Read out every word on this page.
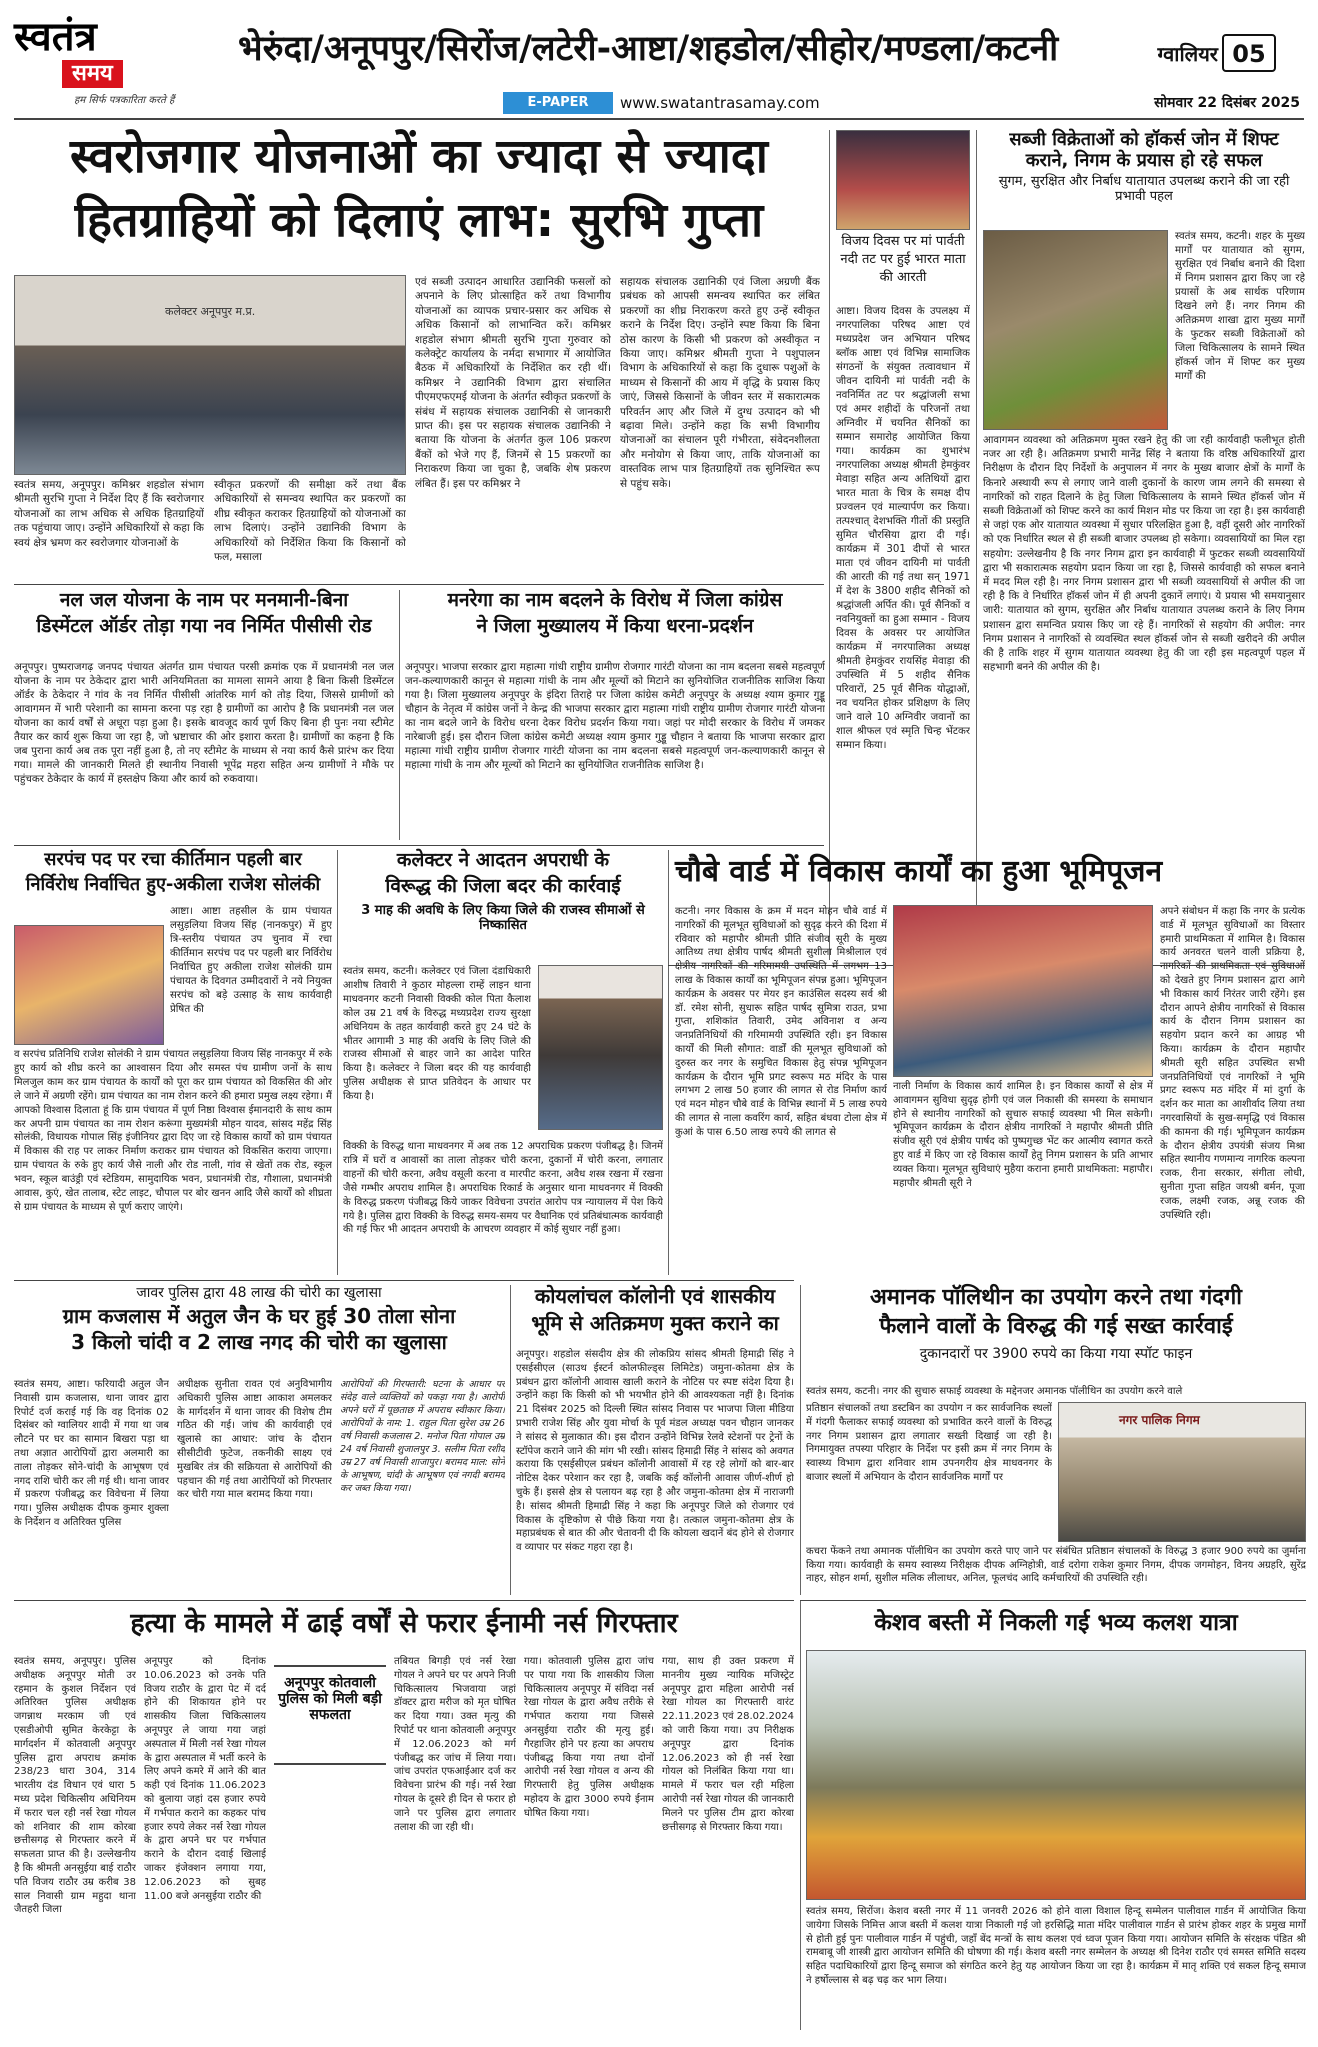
स्वतंत्र
समय
हम सिर्फ पत्रकारिता करते हैं
भेरुंदा/अनूपपुर/सिरोंज/लटेरी-आष्टा/शहडोल/सीहोर/मण्डला/कटनी	ग्वालियर 05
E-PAPER	www.swatantrasamay.com	सोमवार 22 दिसंबर 2025
स्वरोजगार योजनाओं का ज्यादा से ज्यादा
हितग्राहियों को दिलाएं लाभ: सुरभि गुप्ता
कलेक्टर अनूपपुर म.प्र.
स्वतंत्र समय, अनूपपुर। कमिश्नर शहडोल संभाग श्रीमती सुरभि गुप्ता ने निर्देश दिए हैं कि स्वरोजगार योजनाओं का लाभ अधिक से अधिक हितग्राहियों तक पहुंचाया जाए। उन्होंने अधिकारियों से कहा कि स्वयं क्षेत्र भ्रमण कर स्वरोजगार योजनाओं के
स्वीकृत प्रकरणों की समीक्षा करें तथा बैंक अधिकारियों से समन्वय स्थापित कर प्रकरणों का शीघ्र स्वीकृत कराकर हितग्राहियों को योजनाओं का लाभ दिलाएं। उन्होंने उद्यानिकी विभाग के अधिकारियों को निर्देशित किया कि किसानों को फल, मसाला
एवं सब्जी उत्पादन आधारित उद्यानिकी फसलों को अपनाने के लिए प्रोत्साहित करें तथा विभागीय योजनाओं का व्यापक प्रचार-प्रसार कर अधिक से अधिक किसानों को लाभान्वित करें। कमिश्नर शहडोल संभाग श्रीमती सुरभि गुप्ता गुरुवार को कलेक्ट्रेट कार्यालय के नर्मदा सभागार में आयोजित बैठक में अधिकारियों के निर्देशित कर रही थीं। कमिश्नर ने उद्यानिकी विभाग द्वारा संचालित पीएमएफएमई योजना के अंतर्गत स्वीकृत प्रकरणों के संबंध में सहायक संचालक उद्यानिकी से जानकारी प्राप्त की। इस पर सहायक संचालक उद्यानिकी ने बताया कि योजना के अंतर्गत कुल 106 प्रकरण बैंकों को भेजे गए हैं, जिनमें से 15 प्रकरणों का निराकरण किया जा चुका है, जबकि शेष प्रकरण लंबित हैं। इस पर कमिश्नर ने
सहायक संचालक उद्यानिकी एवं जिला अग्रणी बैंक प्रबंधक को आपसी समन्वय स्थापित कर लंबित प्रकरणों का शीघ्र निराकरण करते हुए उन्हें स्वीकृत कराने के निर्देश दिए। उन्होंने स्पष्ट किया कि बिना ठोस कारण के किसी भी प्रकरण को अस्वीकृत न किया जाए। कमिश्नर श्रीमती गुप्ता ने पशुपालन विभाग के अधिकारियों से कहा कि दुधारू पशुओं के माध्यम से किसानों की आय में वृद्धि के प्रयास किए जाएं, जिससे किसानों के जीवन स्तर में सकारात्मक परिवर्तन आए और जिले में दुग्ध उत्पादन को भी बढ़ावा मिले। उन्होंने कहा कि सभी विभागीय योजनाओं का संचालन पूरी गंभीरता, संवेदनशीलता और मनोयोग से किया जाए, ताकि योजनाओं का वास्तविक लाभ पात्र हितग्राहियों तक सुनिश्चित रूप से पहुंच सके।
विजय दिवस पर मां पार्वती नदी तट पर हुई भारत माता की आरती
आष्टा। विजय दिवस के उपलक्ष्य में नगरपालिका परिषद आष्टा एवं मध्यप्रदेश जन अभियान परिषद ब्लॉक आष्टा एवं विभिन्न सामाजिक संगठनों के संयुक्त तत्वावधान में जीवन दायिनी मां पार्वती नदी के नवनिर्मित तट पर श्रद्धांजली सभा एवं अमर शहीदों के परिजनों तथा अग्निवीर में चयनित सैनिकों का सम्मान समारोह आयोजित किया गया। कार्यक्रम का शुभारंभ नगरपालिका अध्यक्ष श्रीमती हेमकुंवर मेवाड़ा सहित अन्य अतिथियों द्वारा भारत माता के चित्र के समक्ष दीप प्रज्वलन एवं माल्यार्पण कर किया। तत्पश्चात् देशभक्ति गीतों की प्रस्तुति सुमित चौरसिया द्वारा दी गई। कार्यक्रम में 301 दीपों से भारत माता एवं जीवन दायिनी मां पार्वती की आरती की गई तथा सन् 1971 में देश के 3800 शहीद सैनिकों को श्रद्धांजली अर्पित की। पूर्व सैनिकों व नवनियुक्तों का हुआ सम्मान - विजय दिवस के अवसर पर आयोजित कार्यक्रम में नगरपालिका अध्यक्ष श्रीमती हेमकुंवर रायसिंह मेवाड़ा की उपस्थिति में 5 शहीद सैनिक परिवारों, 25 पूर्व सैनिक योद्धाओं, नव चयनित होकर प्रशिक्षण के लिए जाने वाले 10 अग्निवीर जवानों का शाल श्रीफल एवं स्मृति चिन्ह भेंटकर सम्मान किया।
सब्जी विक्रेताओं को हॉकर्स जोन में शिफ्ट
कराने, निगम के प्रयास हो रहे सफल
सुगम, सुरक्षित और निर्बाध यातायात उपलब्ध कराने की जा रही प्रभावी पहल
स्वतंत्र समय, कटनी। शहर के मुख्य मार्गों पर यातायात को सुगम, सुरक्षित एवं निर्बाध बनाने की दिशा में निगम प्रशासन द्वारा किए जा रहे प्रयासों के अब सार्थक परिणाम दिखने लगे हैं। नगर निगम की अतिक्रमण शाखा द्वारा मुख्य मार्गों के फुटकर सब्जी विक्रेताओं को जिला चिकित्सालय के सामने स्थित हॉकर्स जोन में शिफ्ट कर मुख्य मार्गों की
आवागमन व्यवस्था को अतिक्रमण मुक्त रखने हेतु की जा रही कार्यवाही फलीभूत होती नजर आ रही है। अतिक्रमण प्रभारी मानेंद्र सिंह ने बताया कि वरिष्ठ अधिकारियों द्वारा निरीक्षण के दौरान दिए निर्देशों के अनुपालन में नगर के मुख्य बाजार क्षेत्रों के मार्गों के किनारे अस्थायी रूप से लगाए जाने वाली दुकानों के कारण जाम लगने की समस्या से नागरिकों को राहत दिलाने के हेतु जिला चिकित्सालय के सामने स्थित हॉकर्स जोन में सब्जी विक्रेताओं को शिफ्ट करने का कार्य मिशन मोड पर किया जा रहा है। इस कार्यवाही से जहां एक ओर यातायात व्यवस्था में सुधार परिलक्षित हुआ है, वहीं दूसरी ओर नागरिकों को एक निर्धारित स्थल से ही सब्जी बाजार उपलब्ध हो सकेगा। व्यवसायियों का मिल रहा सहयोग: उल्लेखनीय है कि नगर निगम द्वारा इन कार्यवाही में फुटकर सब्जी व्यवसायियों द्वारा भी सकारात्मक सहयोग प्रदान किया जा रहा है, जिससे कार्यवाही को सफल बनाने में मदद मिल रही है। नगर निगम प्रशासन द्वारा भी सब्जी व्यवसायियों से अपील की जा रही है कि वे निर्धारित हॉकर्स जोन में ही अपनी दुकानें लगाएं। ये प्रयास भी समयानुसार जारी: यातायात को सुगम, सुरक्षित और निर्बाध यातायात उपलब्ध कराने के लिए निगम प्रशासन द्वारा समन्वित प्रयास किए जा रहे हैं। नागरिकों से सहयोग की अपील: नगर निगम प्रशासन ने नागरिकों से व्यवस्थित स्थल हॉकर्स जोन से सब्जी खरीदने की अपील की है ताकि शहर में सुगम यातायात व्यवस्था हेतु की जा रही इस महत्वपूर्ण पहल में सहभागी बनने की अपील की है।
नल जल योजना के नाम पर मनमानी-बिना
डिस्मेंटल ऑर्डर तोड़ा गया नव निर्मित पीसीसी रोड
अनूपपुर। पुष्पराजगढ़ जनपद पंचायत अंतर्गत ग्राम पंचायत परसी क्रमांक एक में प्रधानमंत्री नल जल योजना के नाम पर ठेकेदार द्वारा भारी अनियमितता का मामला सामने आया है बिना किसी डिस्मेंटल ऑर्डर के ठेकेदार ने गांव के नव निर्मित पीसीसी आंतरिक मार्ग को तोड़ दिया, जिससे ग्रामीणों को आवागमन में भारी परेशानी का सामना करना पड़ रहा है ग्रामीणों का आरोप है कि प्रधानमंत्री नल जल योजना का कार्य वर्षों से अधूरा पड़ा हुआ है। इसके बावजूद कार्य पूर्ण किए बिना ही पुनः नया स्टीमेट तैयार कर कार्य शुरू किया जा रहा है, जो भ्रष्टाचार की ओर इशारा करता है। ग्रामीणों का कहना है कि जब पुराना कार्य अब तक पूरा नहीं हुआ है, तो नए स्टीमेट के माध्यम से नया कार्य कैसे प्रारंभ कर दिया गया। मामले की जानकारी मिलते ही स्थानीय निवासी भूपेंद्र महरा सहित अन्य ग्रामीणों ने मौके पर पहुंचकर ठेकेदार के कार्य में हस्तक्षेप किया और कार्य को रुकवाया।
मनरेगा का नाम बदलने के विरोध में जिला कांग्रेस
ने जिला मुख्यालय में किया धरना-प्रदर्शन
अनूपपुर। भाजपा सरकार द्वारा महात्मा गांधी राष्ट्रीय ग्रामीण रोजगार गारंटी योजना का नाम बदलना सबसे महत्वपूर्ण जन-कल्याणकारी कानून से महात्मा गांधी के नाम और मूल्यों को मिटाने का सुनियोजित राजनीतिक साजिश किया गया है। जिला मुख्यालय अनूपपुर के इंदिरा तिराहे पर जिला कांग्रेस कमेटी अनूपपुर के अध्यक्ष श्याम कुमार गुड्डू चौहान के नेतृत्व में कांग्रेस जनों ने केन्द्र की भाजपा सरकार द्वारा महात्मा गांधी राष्ट्रीय ग्रामीण रोजगार गारंटी योजना का नाम बदले जाने के विरोध धरना देकर विरोध प्रदर्शन किया गया। जहां पर मोदी सरकार के विरोध में जमकर नारेबाजी हुई। इस दौरान जिला कांग्रेस कमेटी अध्यक्ष श्याम कुमार गुड्डू चौहान ने बताया कि भाजपा सरकार द्वारा महात्मा गांधी राष्ट्रीय ग्रामीण रोजगार गारंटी योजना का नाम बदलना सबसे महत्वपूर्ण जन-कल्याणकारी कानून से महात्मा गांधी के नाम और मूल्यों को मिटाने का सुनियोजित राजनीतिक साजिश है।
सरपंच पद पर रचा कीर्तिमान पहली बार
निर्विरोध निर्वाचित हुए-अकीला राजेश सोलंकी
आष्टा। आष्टा तहसील के ग्राम पंचायत लसुड़लिया विजय सिंह (नानकपुर) में हुए त्रि-स्तरीय पंचायत उप चुनाव में रचा कीर्तिमान सरपंच पद पर पहली बार निर्विरोध निर्वाचित हुए अकीला राजेश सोलंकी ग्राम पंचायत के दिवगत उम्मीदवारों ने नये नियुक्त सरपंच को बड़े उत्साह के साथ कार्यवाही प्रेषित की
व सरपंच प्रतिनिधि राजेश सोलंकी ने ग्राम पंचायत लसुड़लिया विजय सिंह नानकपुर में रुके हुए कार्य को शीघ्र करने का आश्वासन दिया और समस्त पंच ग्रामीण जनों के साथ मिलजुल काम कर ग्राम पंचायत के कार्यों को पूरा कर ग्राम पंचायत को विकसित की ओर ले जाने में अग्रणी रहेंगे। ग्राम पंचायत का नाम रोशन करने की हमारा प्रमुख लक्ष्य रहेगा। मैं आपको विश्वास दिलाता हूं कि ग्राम पंचायत में पूर्ण निष्ठा विश्वास ईमानदारी के साथ काम कर अपनी ग्राम पंचायत का नाम रोशन करूंगा मुख्यमंत्री मोहन यादव, सांसद महेंद्र सिंह सोलंकी, विधायक गोपाल सिंह इंजीनियर द्वारा दिए जा रहे विकास कार्यों को ग्राम पंचायत में विकास की राह पर लाकर निर्माण कराकर ग्राम पंचायत को विकसित कराया जाएगा। ग्राम पंचायत के रुके हुए कार्य जैसे नाली और रोड नाली, गांव से खेतों तक रोड, स्कूल भवन, स्कूल बाउंड्री एवं स्टेडियम, सामुदायिक भवन, प्रधानमंत्री रोड, गौशाला, प्रधानमंत्री आवास, कुएं, खेत तालाब, स्टेट लाइट, चौपाल पर बोर खनन आदि जैसे कार्यों को शीघ्रता से ग्राम पंचायत के माध्यम से पूर्ण कराए जाएंगे।
कलेक्टर ने आदतन अपराधी के
विरूद्ध की जिला बदर की कार्रवाई
3 माह की अवधि के लिए किया जिले की राजस्व सीमाओं से निष्कासित
स्वतंत्र समय, कटनी। कलेक्टर एवं जिला दंडाधिकारी आशीष तिवारी ने कुठार मोहल्ला राम्हें लाइन थाना माधवनगर कटनी निवासी विक्की कोल पिता कैलाश कोल उम्र 21 वर्ष के विरुद्ध मध्यप्रदेश राज्य सुरक्षा अधिनियम के तहत कार्यवाही करते हुए 24 घंटे के भीतर आगामी 3 माह की अवधि के लिए जिले की राजस्व सीमाओं से बाहर जाने का आदेश पारित किया है। कलेक्टर ने जिला बदर की यह कार्यवाही पुलिस अधीक्षक से प्राप्त प्रतिवेदन के आधार पर किया है।
विक्की के विरुद्ध थाना माधवनगर में अब तक 12 अपराधिक प्रकरण पंजीबद्ध है। जिनमें रात्रि में घरों व आवासों का ताला तोड़कर चोरी करना, दुकानों में चोरी करना, लगातार वाहनों की चोरी करना, अवैध वसूली करना व मारपीट करना, अवैध शस्त्र रखना में रखना जैसे गम्भीर अपराध शामिल है। अपराधिक रिकार्ड के अनुसार थाना माधवनगर में विक्की के विरुद्ध प्रकरण पंजीबद्ध किये जाकर विवेचना उपरांत आरोप पत्र न्यायालय में पेश किये गये है। पुलिस द्वारा विक्की के विरुद्ध समय-समय पर वैधानिक एवं प्रतिबंधात्मक कार्यवाही की गई फिर भी आदतन अपराधी के आचरण व्यवहार में कोई सुधार नहीं हुआ।
चौबे वार्ड में विकास कार्यों का हुआ भूमिपूजन
कटनी। नगर विकास के क्रम में मदन मोहन चौबे वार्ड में नागरिकों की मूलभूत सुविधाओं को सुदृढ़ करने की दिशा में रविवार को महापौर श्रीमती प्रीति संजीव सूरी के मुख्य आतिथ्य तथा क्षेत्रीय पार्षद श्रीमती सुशीला मिश्रीलाल एवं क्षेत्रीय नागरिकों की गरिमामयी उपस्थिति में लगभग 13 लाख के विकास कार्यों का भूमिपूजन संपन्न हुआ। भूमिपूजन कार्यक्रम के अवसर पर मेयर इन काउंसिल सदस्य सर्व श्री डॉ. रमेश सोनी, सुधारू सहित पार्षद सुमित्रा राउत, प्रभा गुप्ता, शशिकांत तिवारी, उमेद अविनाश व अन्य जनप्रतिनिधियों की गरिमामयी उपस्थिति रही। इन विकास कार्यों की मिली सौगात: वार्डों की मूलभूत सुविधाओं को दुरुस्त कर नगर के समुचित विकास हेतु संपन्न भूमिपूजन कार्यक्रम के दौरान भूमि प्रगट स्वरूप मठ मंदिर के पास लगभग 2 लाख 50 हजार की लागत से रोड निर्माण कार्य एवं मदन मोहन चौबे वार्ड के विभिन्न स्थानों में 5 लाख रुपये की लागत से नाला कवरिंग कार्य, सहित बंधवा टोला क्षेत्र में कुआं के पास 6.50 लाख रुपये की लागत से
नाली निर्माण के विकास कार्य शामिल है। इन विकास कार्यों से क्षेत्र में आवागमन सुविधा सुदृढ़ होगी एवं जल निकासी की समस्या के समाधान होने से स्थानीय नागरिकों को सुचारु सफाई व्यवस्था भी मिल सकेगी। भूमिपूजन कार्यक्रम के दौरान क्षेत्रीय नागरिकों ने महापौर श्रीमती प्रीति संजीव सूरी एवं क्षेत्रीय पार्षद को पुष्पगुच्छ भेंट कर आत्मीय स्वागत करते हुए वार्ड में किए जा रहे विकास कार्यों हेतु निगम प्रशासन के प्रति आभार व्यक्त किया। मूलभूत सुविधाएं मुहैया कराना हमारी प्राथमिकता: महापौर। महापौर श्रीमती सूरी ने
अपने संबोधन में कहा कि नगर के प्रत्येक वार्ड में मूलभूत सुविधाओं का विस्तार हमारी प्राथमिकता में शामिल है। विकास कार्य अनवरत चलने वाली प्रक्रिया है, नागरिकों की प्राथमिकता एवं सुविधाओं को देखते हुए निगम प्रशासन द्वारा आगे भी विकास कार्य निरंतर जारी रहेंगे। इस दौरान आपने क्षेत्रीय नागरिकों से विकास कार्य के दौरान निगम प्रशासन का सहयोग प्रदान करने का आग्रह भी किया। कार्यक्रम के दौरान महापौर श्रीमती सूरी सहित उपस्थित सभी जनप्रतिनिधियों एवं नागरिकों ने भूमि प्रगट स्वरूप मठ मंदिर में मां दुर्गा के दर्शन कर माता का आशीर्वाद लिया तथा नगरवासियों के सुख-समृद्धि एवं विकास की कामना की गई। भूमिपूजन कार्यक्रम के दौरान क्षेत्रीय उपयंत्री संजय मिश्रा सहित स्थानीय गणमान्य नागरिक कल्पना रजक, रीना सरकार, संगीता लोधी, सुनीता गुप्ता सहित जयश्री बर्मन, पूजा रजक, लक्ष्मी रजक, अन्नू रजक की उपस्थिति रही।
जावर पुलिस द्वारा 48 लाख की चोरी का खुलासा
ग्राम कजलास में अतुल जैन के घर हुई 30 तोला सोना
3 किलो चांदी व 2 लाख नगद की चोरी का खुलासा
स्वतंत्र समय, आष्टा। फरियादी अतुल जैन निवासी ग्राम कजलास, थाना जावर द्वारा रिपोर्ट दर्ज कराई गई कि वह दिनांक 02 दिसंबर को ग्वालियर शादी में गया था जब लौटने पर घर का सामान बिखरा पड़ा था तथा अज्ञात आरोपियों द्वारा अलमारी का ताला तोड़कर सोने-चांदी के आभूषण एवं नगद राशि चोरी कर ली गई थी। थाना जावर में प्रकरण पंजीबद्ध कर विवेचना में लिया गया। पुलिस अधीक्षक दीपक कुमार शुक्ला के निर्देशन व अतिरिक्त पुलिस
अधीक्षक सुनीता रावत एवं अनुविभागीय अधिकारी पुलिस आष्टा आकाश अमलकर के मार्गदर्शन में थाना जावर की विशेष टीम गठित की गई। जांच की कार्यवाही एवं खुलासे का आधार: जांच के दौरान सीसीटीवी फुटेज, तकनीकी साक्ष्य एवं मुखबिर तंत्र की सक्रियता से आरोपियों की पहचान की गई तथा आरोपियों को गिरफ्तार कर चोरी गया माल बरामद किया गया।
आरोपियों की गिरफ्तारी: घटना के आधार पर संदेह वाले व्यक्तियों को पकड़ा गया है। आरोपी अपने घरों में पूछताछ में अपराध स्वीकार किया। आरोपियों के नाम: 1. राहुल पिता सुरेश उम्र 26 वर्ष निवासी कजलास 2. मनोज पिता गोपाल उम्र 24 वर्ष निवासी शुजालपुर 3. सलीम पिता रशीद उम्र 27 वर्ष निवासी शाजापुर। बरामद माल: सोने के आभूषण, चांदी के आभूषण एवं नगदी बरामद कर जब्त किया गया।
कोयलांचल कॉलोनी एवं शासकीय
भूमि से अतिक्रमण मुक्त कराने का
अनूपपुर। शहडोल संसदीय क्षेत्र की लोकप्रिय सांसद श्रीमती हिमाद्री सिंह ने एसईसीएल (साउथ ईस्टर्न कोलफील्ड्स लिमिटेड) जमुना-कोतमा क्षेत्र के प्रबंधन द्वारा कॉलोनी आवास खाली कराने के नोटिस पर स्पष्ट संदेश दिया है। उन्होंने कहा कि किसी को भी भयभीत होने की आवश्यकता नहीं है। दिनांक 21 दिसंबर 2025 को दिल्ली स्थित सांसद निवास पर भाजपा जिला मीडिया प्रभारी राजेश सिंह और युवा मोर्चा के पूर्व मंडल अध्यक्ष पवन चौहान जानकर ने सांसद से मुलाकात की। इस दौरान उन्होंने विभिन्न रेलवे स्टेशनों पर ट्रेनों के स्टॉपेज कराने जाने की मांग भी रखी। सांसद हिमाद्री सिंह ने सांसद को अवगत कराया कि एसईसीएल प्रबंधन कॉलोनी आवासों में रह रहे लोगों को बार-बार नोटिस देकर परेशान कर रहा है, जबकि कई कॉलोनी आवास जीर्ण-शीर्ण हो चुके हैं। इससे क्षेत्र से पलायन बढ़ रहा है और जमुना-कोतमा क्षेत्र में नाराजगी है। सांसद श्रीमती हिमाद्री सिंह ने कहा कि अनूपपुर जिले को रोजगार एवं विकास के दृष्टिकोण से पीछे किया गया है। तत्काल जमुना-कोतमा क्षेत्र के महाप्रबंधक से बात की और चेतावनी दी कि कोयला खदानें बंद होने से रोजगार व व्यापार पर संकट गहरा रहा है।
अमानक पॉलिथीन का उपयोग करने तथा गंदगी
फैलाने वालों के विरुद्ध की गई सख्त कार्रवाई
दुकानदारों पर 3900 रुपये का किया गया स्पॉट फाइन
स्वतंत्र समय, कटनी। नगर की सुचारु सफाई व्यवस्था के मद्देनजर अमानक पॉलीथिन का उपयोग करने वाले
प्रतिष्ठान संचालकों तथा डस्टबिन का उपयोग न कर सार्वजनिक स्थलों में गंदगी फैलाकर सफाई व्यवस्था को प्रभावित करने वालों के विरुद्ध नगर निगम प्रशासन द्वारा लगातार सख्ती दिखाई जा रही है। निगमायुक्त तपस्या परिहार के निर्देश पर इसी क्रम में नगर निगम के स्वास्थ्य विभाग द्वारा शनिवार शाम उपनगरीय क्षेत्र माधवनगर के बाजार स्थलों में अभियान के दौरान सार्वजनिक मार्गों पर
नगर पालिक निगम
कचरा फेंकने तथा अमानक पॉलीथिन का उपयोग करते पाए जाने पर संबंधित प्रतिष्ठान संचालकों के विरुद्ध 3 हजार 900 रुपये का जुर्माना किया गया। कार्यवाही के समय स्वास्थ्य निरीक्षक दीपक अग्निहोत्री, वार्ड दरोगा राकेश कुमार निगम, दीपक जगमोहन, विनय अग्रहरि, सुरेंद्र नाहर, सोहन शर्मा, सुशील मलिक लीलाधर, अनिल, फूलचंद आदि कर्मचारियों की उपस्थिति रही।
हत्या के मामले में ढाई वर्षों से फरार ईनामी नर्स गिरफ्तार
स्वतंत्र समय, अनूपपुर। पुलिस अधीक्षक अनूपपुर मोती उर रहमान के कुशल निर्देशन एवं अतिरिक्त पुलिस अधीक्षक जगन्नाथ मरकाम जी एवं एसडीओपी सुमित केरकेट्टा के मार्गदर्शन में कोतवाली अनूपपुर पुलिस द्वारा अपराध क्रमांक 238/23 धारा 304, 314 भारतीय दंड विधान एवं धारा 5 मध्य प्रदेश चिकित्सीय अधिनियम में फरार चल रही नर्स रेखा गोयल को शनिवार की शाम कोरबा छत्तीसगढ़ से गिरफ्तार करने में सफलता प्राप्त की है। उल्लेखनीय है कि श्रीमती अनसुईया बाई राठौर पति विजय राठौर उम्र करीब 38 साल निवासी ग्राम महुदा थाना जैतहरी जिला
अनूपपुर को दिनांक 10.06.2023 को उनके पति विजय राठौर के द्वारा पेट में दर्द होने की शिकायत होने पर शासकीय जिला चिकित्सालय अनूपपुर ले जाया गया जहां अस्पताल में मिली नर्स रेखा गोयल के द्वारा अस्पताल में भर्ती करने के लिए अपने कमरे में आने की बात कही एवं दिनांक 11.06.2023 को बुलाया जहां दस हजार रुपये में गर्भपात कराने का कहकर पांच हजार रुपये लेकर नर्स रेखा गोयल के द्वारा अपने घर पर गर्भपात कराने के दौरान दवाई खिलाई जाकर इंजेक्शन लगाया गया, 12.06.2023 को सुबह 11.00 बजे अनसुईया राठौर की
अनूपपुर कोतवाली पुलिस को मिली बड़ी सफलता
तबियत बिगड़ी एवं नर्स रेखा गोयल ने अपने घर पर अपने निजी चिकित्सालय भिजवाया जहां डॉक्टर द्वारा मरीज को मृत घोषित कर दिया गया। उक्त मृत्यु की रिपोर्ट पर थाना कोतवाली अनूपपुर में 12.06.2023 को मर्ग पंजीबद्ध कर जांच में लिया गया। जांच उपरांत एफआईआर दर्ज कर विवेचना प्रारंभ की गई। नर्स रेखा गोयल के दूसरे ही दिन से फरार हो जाने पर पुलिस द्वारा लगातार तलाश की जा रही थी।
गया। कोतवाली पुलिस द्वारा जांच पर पाया गया कि शासकीय जिला चिकित्सालय अनूपपुर में संविदा नर्स रेखा गोयल के द्वारा अवैध तरीके से गर्भपात कराया गया जिससे अनसुईया राठौर की मृत्यु हुई। गैरहाजिर होने पर हत्या का अपराध पंजीबद्ध किया गया तथा दोनों आरोपी नर्स रेखा गोयल व अन्य की गिरफ्तारी हेतु पुलिस अधीक्षक महोदय के द्वारा 3000 रुपये ईनाम घोषित किया गया।
गया, साथ ही उक्त प्रकरण में माननीय मुख्य न्यायिक मजिस्ट्रेट अनूपपुर द्वारा महिला आरोपी नर्स रेखा गोयल का गिरफ्तारी वारंट 22.11.2023 एवं 28.02.2024 को जारी किया गया। उप निरीक्षक अनूपपुर द्वारा दिनांक 12.06.2023 को ही नर्स रेखा गोयल को निलंबित किया गया था। मामले में फरार चल रही महिला आरोपी नर्स रेखा गोयल की जानकारी मिलने पर पुलिस टीम द्वारा कोरबा छत्तीसगढ़ से गिरफ्तार किया गया।
केशव बस्ती में निकली गई भव्य कलश यात्रा
स्वतंत्र समय, सिरोंज। केशव बस्ती नगर में 11 जनवरी 2026 को होने वाला विशाल हिन्दू सम्मेलन पालीवाल गार्डन में आयोजित किया जायेगा जिसके निमित्त आज बस्ती में कलश यात्रा निकाली गई जो हरसिद्धि माता मंदिर पालीवाल गार्डन से प्रारंभ होकर शहर के प्रमुख मार्गों से होती हुई पुनः पालीवाल गार्डन में पहुंची, जहाँ बेंद मन्त्रों के साथ कलश एवं ध्वज पूजन किया गया। आयोजन समिति के संरक्षक पंडित श्री रामबाबू जी शास्त्री द्वारा आयोजन समिति की घोषणा की गई। केशव बस्ती नगर सम्मेलन के अध्यक्ष श्री दिनेश राठौर एवं समस्त समिति सदस्य सहित पदाधिकारियों द्वारा हिन्दू समाज को संगठित करने हेतु यह आयोजन किया जा रहा है। कार्यक्रम में मातृ शक्ति एवं सकल हिन्दू समाज ने हर्षोल्लास से बढ़ चढ़ कर भाग लिया।
